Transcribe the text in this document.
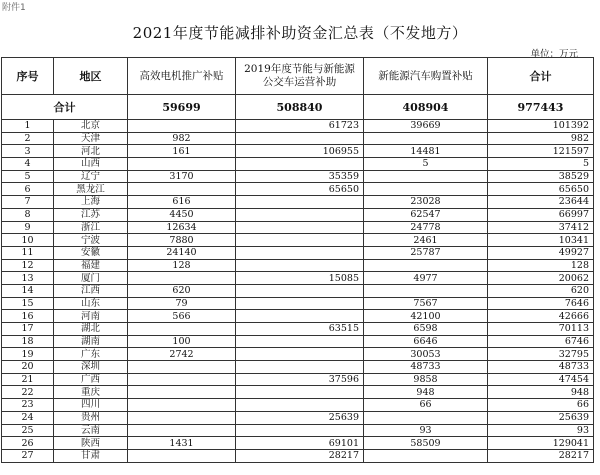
附件1
2021年度节能减排补助资金汇总表（不发地方）
单位：万元
序号	地区	高效电机推广补贴	2019年度节能与新能源
公交车运营补助	新能源汽车购置补贴	合计
合计		59699	508840	408904	977443
1	北京		61723	39669	101392
2	天津	982			982
3	河北	161	106955	14481	121597
4	山西			5	5
5	辽宁	3170	35359		38529
6	黑龙江		65650		65650
7	上海	616		23028	23644
8	江苏	4450		62547	66997
9	浙江	12634		24778	37412
10	宁波	7880		2461	10341
11	安徽	24140		25787	49927
12	福建	128			128
13	厦门		15085	4977	20062
14	江西	620			620
15	山东	79		7567	7646
16	河南	566		42100	42666
17	湖北		63515	6598	70113
18	湖南	100		6646	6746
19	广东	2742		30053	32795
20	深圳			48733	48733
21	广西		37596	9858	47454
22	重庆			948	948
23	四川			66	66
24	贵州		25639		25639
25	云南			93	93
26	陕西	1431	69101	58509	129041
27	甘肃		28217		28217
